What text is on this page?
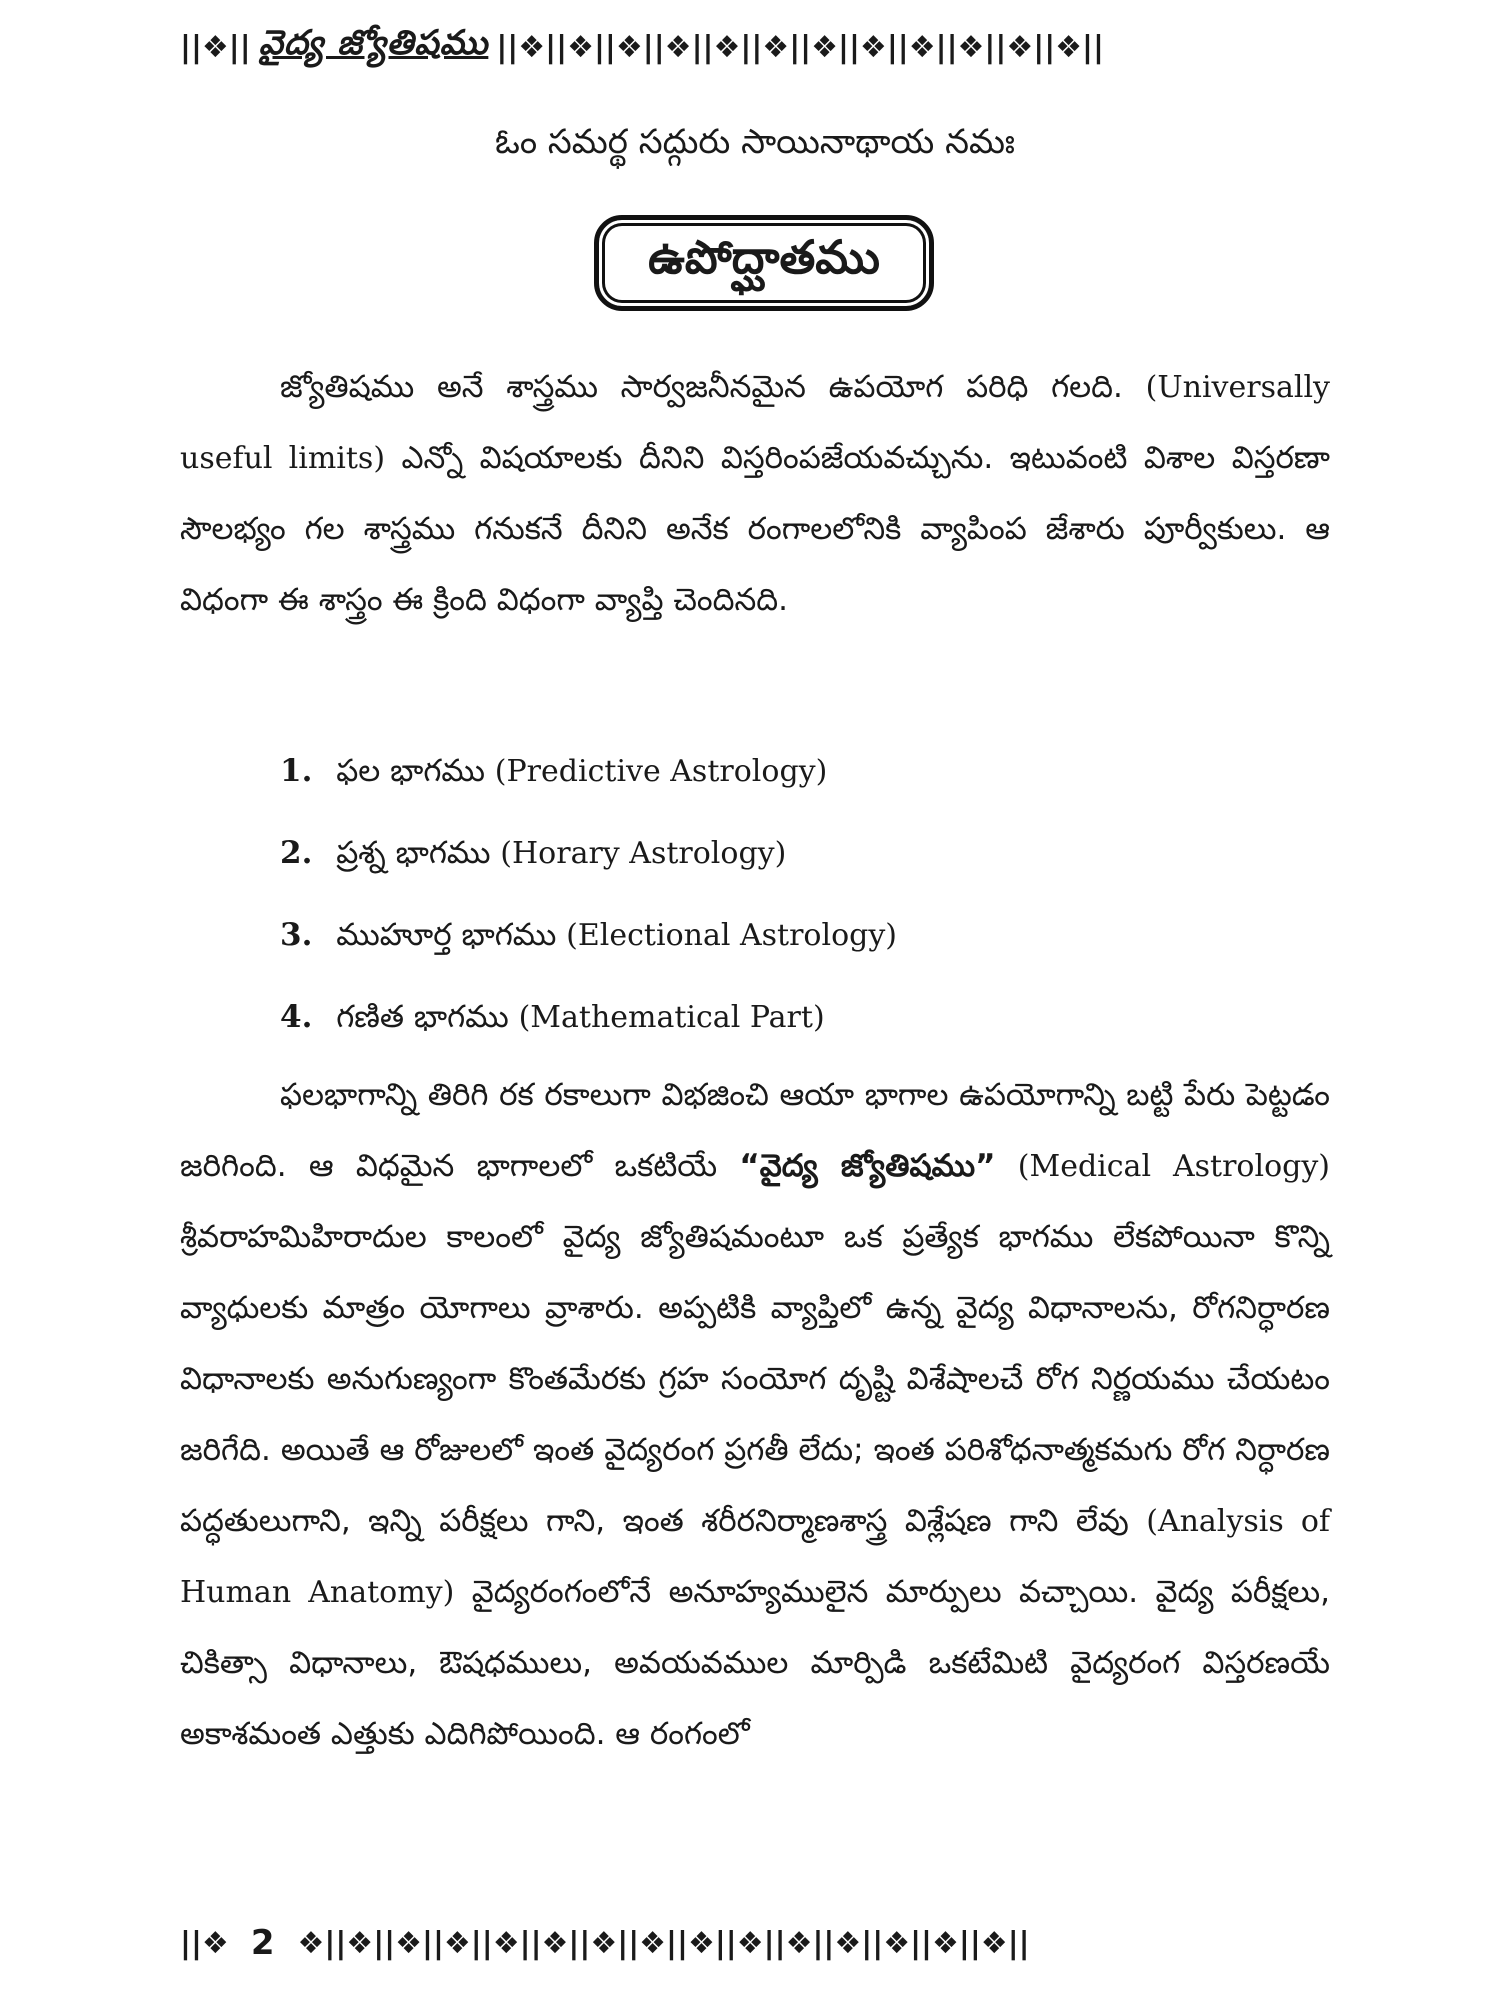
||❖|| వైద్య జ్యోతిషము ||❖||❖||❖||❖||❖||❖||❖||❖||❖||❖||❖||❖||
ఓం సమర్థ సద్గురు సాయినాథాయ నమః
ఉపోద్ఘాతము
జ్యోతిషము అనే శాస్త్రము సార్వజనీనమైన ఉపయోగ పరిధి గలది. (Universally useful limits) ఎన్నో విషయాలకు దీనిని విస్తరింపజేయవచ్చును. ఇటువంటి విశాల విస్తరణా సౌలభ్యం గల శాస్త్రము గనుకనే దీనిని అనేక రంగాలలోనికి వ్యాపింప జేశారు పూర్వీకులు. ఆ విధంగా ఈ శాస్త్రం ఈ క్రింది విధంగా వ్యాప్తి చెందినది.
1. ఫల భాగము (Predictive Astrology)
2. ప్రశ్న భాగము (Horary Astrology)
3. ముహూర్త భాగము (Electional Astrology)
4. గణిత భాగము (Mathematical Part)
ఫలభాగాన్ని తిరిగి రక రకాలుగా విభజించి ఆయా భాగాల ఉపయోగాన్ని బట్టి పేరు పెట్టడం జరిగింది. ఆ విధమైన భాగాలలో ఒకటియే “వైద్య జ్యోతిషము” (Medical Astrology) శ్రీవరాహమిహిరాదుల కాలంలో వైద్య జ్యోతిషమంటూ ఒక ప్రత్యేక భాగము లేకపోయినా కొన్ని వ్యాధులకు మాత్రం యోగాలు వ్రాశారు. అప్పటికి వ్యాప్తిలో ఉన్న వైద్య విధానాలను, రోగనిర్ధారణ విధానాలకు అనుగుణ్యంగా కొంతమేరకు గ్రహ సంయోగ దృష్టి విశేషాలచే రోగ నిర్ణయము చేయటం జరిగేది. అయితే ఆ రోజులలో ఇంత వైద్యరంగ ప్రగతీ లేదు; ఇంత పరిశోధనాత్మకమగు రోగ నిర్ధారణ పద్ధతులుగాని, ఇన్ని పరీక్షలు గాని, ఇంత శరీరనిర్మాణశాస్త్ర విశ్లేషణ గాని లేవు (Analysis of Human Anatomy) వైద్యరంగంలోనే అనూహ్యములైన మార్పులు వచ్చాయి. వైద్య పరీక్షలు, చికిత్సా విధానాలు, ఔషధములు, అవయవముల మార్పిడి ఒకటేమిటి వైద్యరంగ విస్తరణయే అకాశమంత ఎత్తుకు ఎదిగిపోయింది. ఆ రంగంలో
||❖ 2 ❖||❖||❖||❖||❖||❖||❖||❖||❖||❖||❖||❖||❖||❖||❖||
